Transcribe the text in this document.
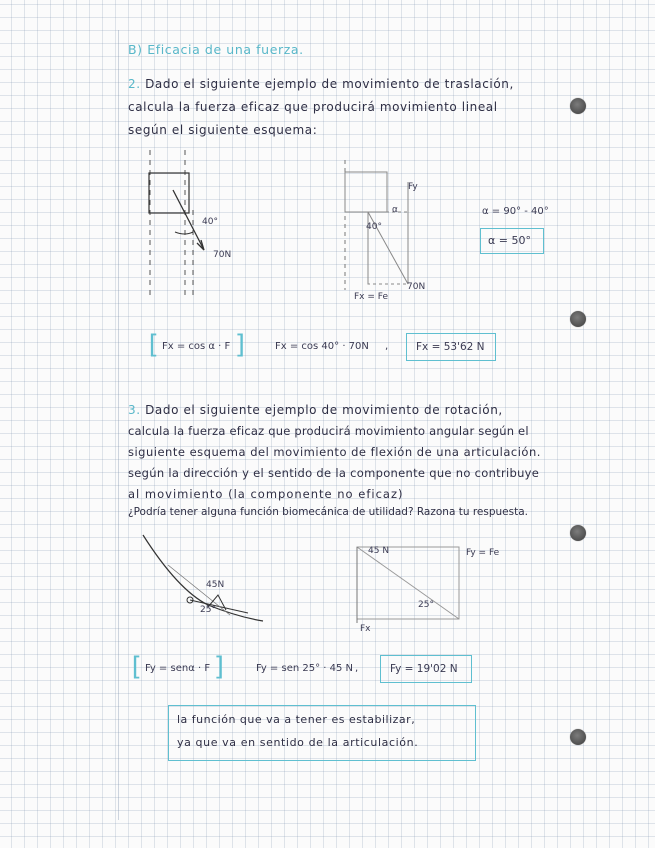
B) Eficacia de una fuerza.
2. Dado el siguiente ejemplo de movimiento de traslación,
calcula la fuerza eficaz que producirá movimiento lineal
según el siguiente esquema:
40°
70N
Fy
α
40°
70N
Fx = Fe
α = 90° - 40°
α = 50°
[ Fx = cos α · F ]	Fx = cos 40° · 70N ,	Fx = 53'62 N
3. Dado el siguiente ejemplo de movimiento de rotación,
calcula la fuerza eficaz que producirá movimiento angular según el
siguiente esquema del movimiento de flexión de una articulación.
según la dirección y el sentido de la componente que no contribuye
al movimiento (la componente no eficaz)
¿Podría tener alguna función biomecánica de utilidad? Razona tu respuesta.
45N
25°
45 N	Fy = Fe
25°
Fx
[ Fy = senα · F ]	Fy = sen 25° · 45 N ,	Fy = 19'02 N
la función que va a tener es estabilizar,
ya que va en sentido de la articulación.
